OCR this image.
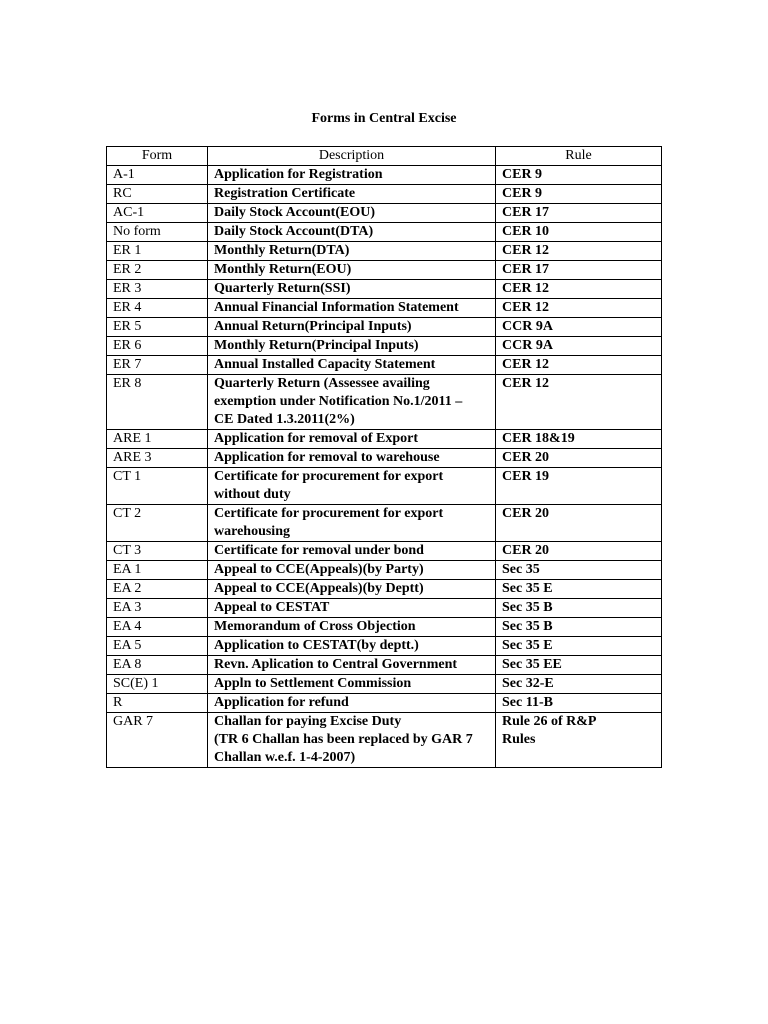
Forms in Central Excise
Form	Description	Rule
A-1	Application for Registration	CER 9

RC	Registration Certificate	CER 9

AC-1	Daily Stock Account(EOU)	CER 17

No form	Daily Stock Account(DTA)	CER 10

ER 1	Monthly Return(DTA)	CER 12

ER 2	Monthly Return(EOU)	CER 17

ER 3	Quarterly Return(SSI)	CER 12

ER 4	Annual Financial Information Statement	CER 12

ER 5	Annual Return(Principal Inputs)	CCR 9A

ER 6	Monthly Return(Principal Inputs)	CCR 9A

ER 7	Annual Installed Capacity Statement	CER 12

ER 8	Quarterly Return (Assessee availing
exemption under Notification No.1/2011 –
CE Dated 1.3.2011(2%)	CER 12

ARE 1	Application for removal of Export	CER 18&19

ARE 3	Application for removal to warehouse	CER 20

CT 1	Certificate for procurement for export
without duty	CER 19

CT 2	Certificate for procurement for export
warehousing	CER 20

CT 3	Certificate for removal under bond	CER 20

EA 1	Appeal to CCE(Appeals)(by Party)	Sec 35

EA 2	Appeal to CCE(Appeals)(by Deptt)	Sec 35 E

EA 3	Appeal to CESTAT	Sec 35 B

EA 4	Memorandum of Cross Objection	Sec 35 B

EA 5	Application to CESTAT(by deptt.)	Sec 35 E

EA 8	Revn. Aplication to Central Government	Sec 35 EE

SC(E) 1	Appln to Settlement Commission	Sec 32-E

R	Application for refund	Sec 11-B

GAR 7	Challan for paying Excise Duty
(TR 6 Challan has been replaced by GAR 7
Challan w.e.f. 1-4-2007)	Rule 26 of R&P
Rules
